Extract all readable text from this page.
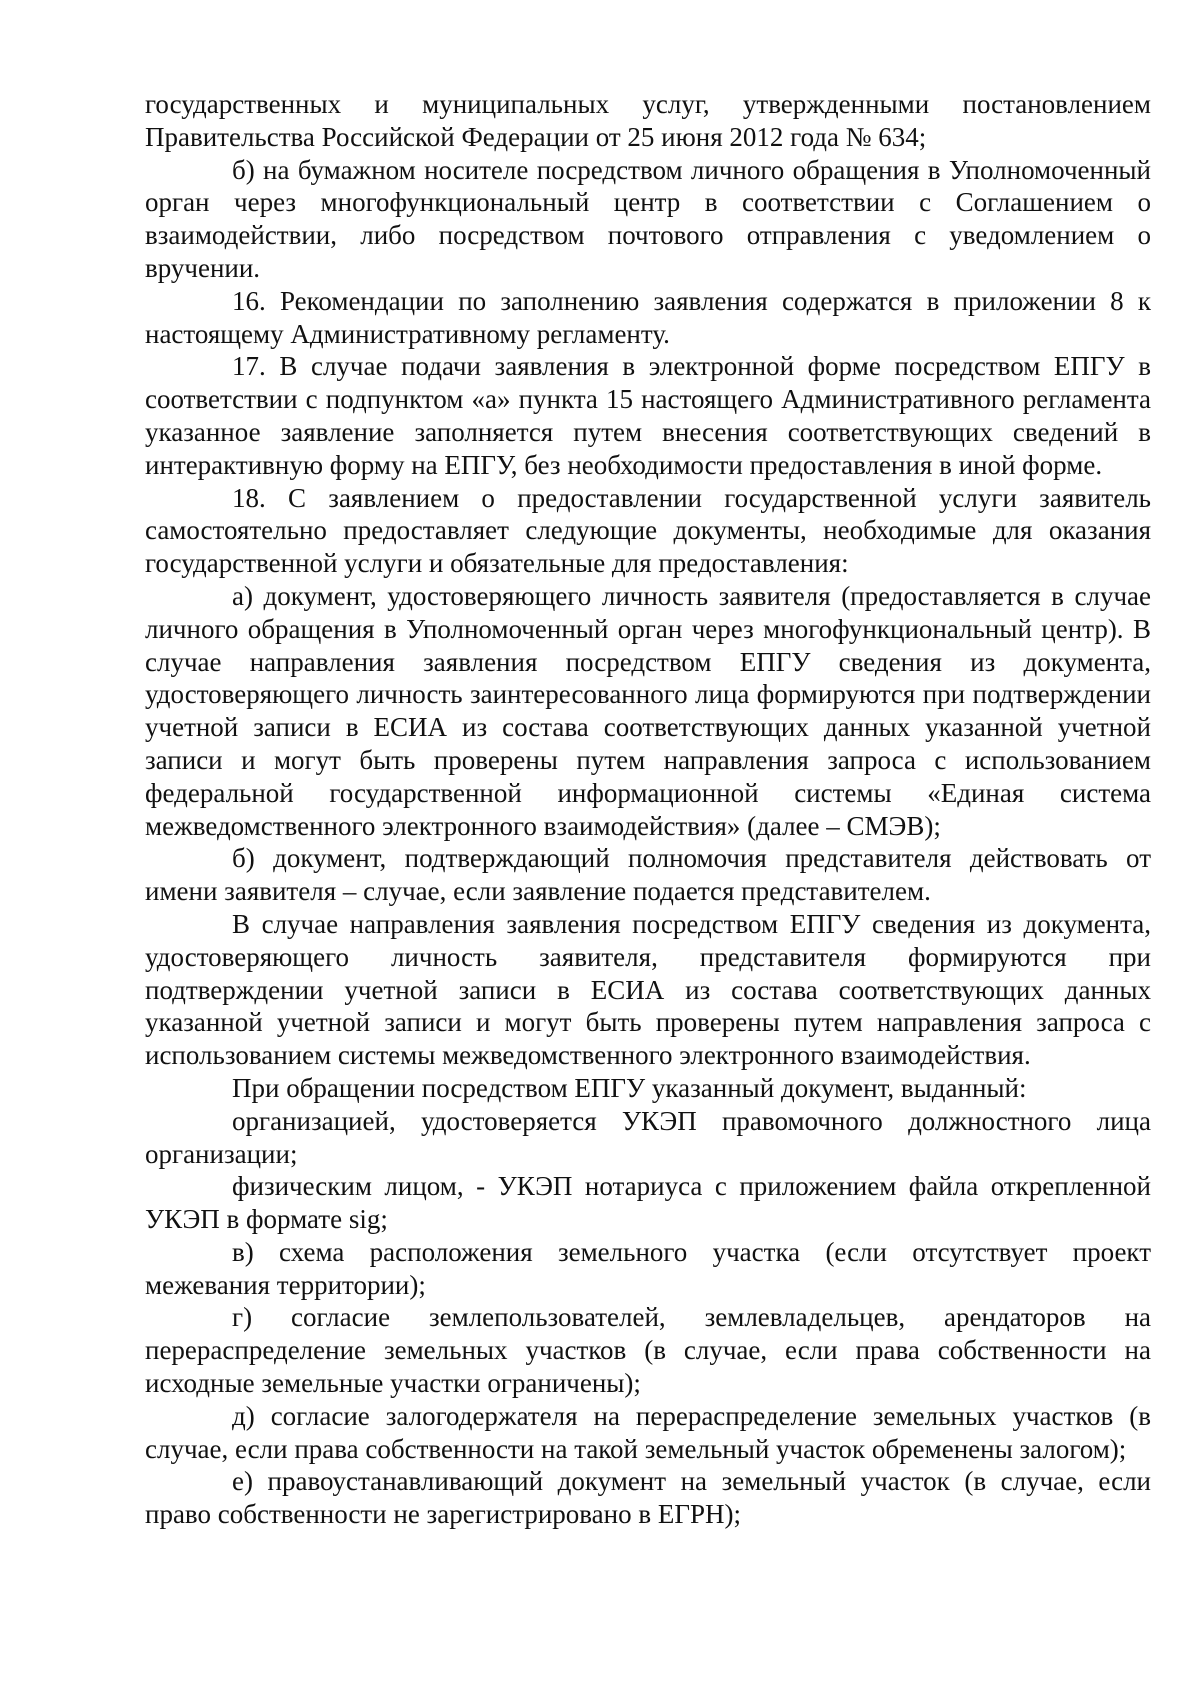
государственных и муниципальных услуг, утвержденными постановлением Правительства Российской Федерации от 25 июня 2012 года № 634;

б) на бумажном носителе посредством личного обращения в Уполномоченный орган через многофункциональный центр в соответствии с Соглашением о взаимодействии, либо посредством почтового отправления с уведомлением о вручении.

16. Рекомендации по заполнению заявления содержатся в приложении 8 к настоящему Административному регламенту.

17. В случае подачи заявления в электронной форме посредством ЕПГУ в соответствии с подпунктом «а» пункта 15 настоящего Административного регламента указанное заявление заполняется путем внесения соответствующих сведений в интерактивную форму на ЕПГУ, без необходимости предоставления в иной форме.

18. С заявлением о предоставлении государственной услуги заявитель самостоятельно предоставляет следующие документы, необходимые для оказания государственной услуги и обязательные для предоставления:

а) документ, удостоверяющего личность заявителя (предоставляется в случае личного обращения в Уполномоченный орган через многофункциональный центр). В случае направления заявления посредством ЕПГУ сведения из документа, удостоверяющего личность заинтересованного лица формируются при подтверждении учетной записи в ЕСИА из состава соответствующих данных указанной учетной записи и могут быть проверены путем направления запроса с использованием федеральной государственной информационной системы «Единая система межведомственного электронного взаимодействия» (далее – СМЭВ);

б) документ, подтверждающий полномочия представителя действовать от имени заявителя – случае, если заявление подается представителем.

В случае направления заявления посредством ЕПГУ сведения из документа, удостоверяющего личность заявителя, представителя формируются при подтверждении учетной записи в ЕСИА из состава соответствующих данных указанной учетной записи и могут быть проверены путем направления запроса с использованием системы межведомственного электронного взаимодействия.

При обращении посредством ЕПГУ указанный документ, выданный:

организацией, удостоверяется УКЭП правомочного должностного лица организации;

физическим лицом, - УКЭП нотариуса с приложением файла открепленной УКЭП в формате sig;

в) схема расположения земельного участка (если отсутствует проект межевания территории);

г) согласие землепользователей, землевладельцев, арендаторов на перераспределение земельных участков (в случае, если права собственности на исходные земельные участки ограничены);

д) согласие залогодержателя на перераспределение земельных участков (в случае, если права собственности на такой земельный участок обременены залогом);

е) правоустанавливающий документ на земельный участок (в случае, если право собственности не зарегистрировано в ЕГРН);
